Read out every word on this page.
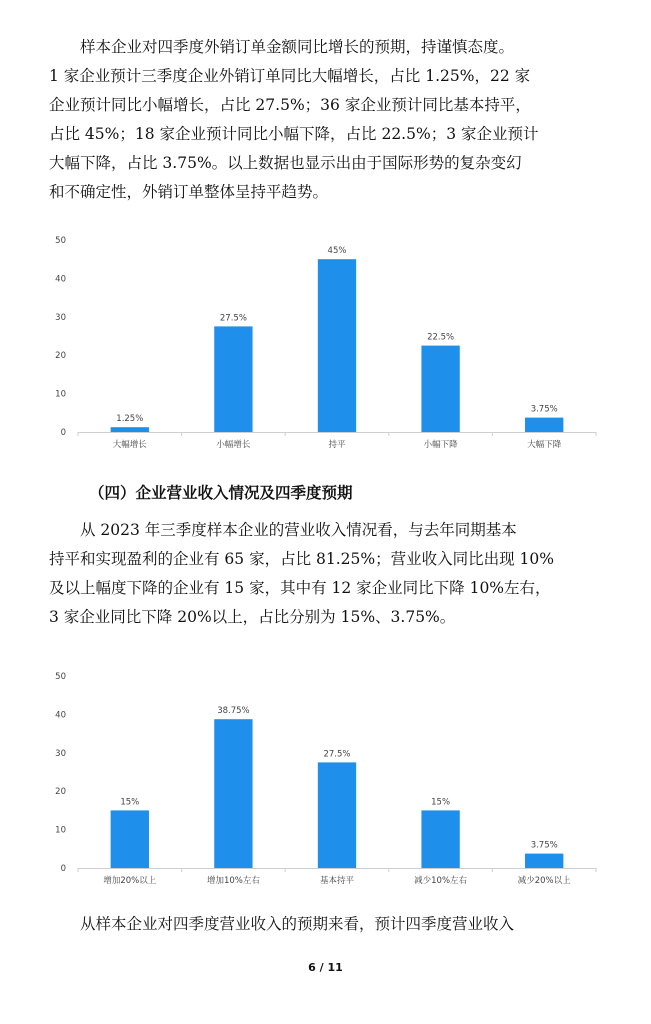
样本企业对四季度外销订单金额同比增长的预期，持谨慎态度。
1 家企业预计三季度企业外销订单同比大幅增长，占比 1.25%，22 家
企业预计同比小幅增长，占比 27.5%；36 家企业预计同比基本持平，
占比 45%；18 家企业预计同比小幅下降，占比 22.5%；3 家企业预计
大幅下降，占比 3.75%。以上数据也显示出由于国际形势的复杂变幻
和不确定性，外销订单整体呈持平趋势。
0
10
20
30
40
50
1.25%
大幅增长
27.5%
小幅增长
45%
持平
22.5%
小幅下降
3.75%
大幅下降
（四）企业营业收入情况及四季度预期
从 2023 年三季度样本企业的营业收入情况看，与去年同期基本
持平和实现盈利的企业有 65 家，占比 81.25%；营业收入同比出现 10%
及以上幅度下降的企业有 15 家，其中有 12 家企业同比下降 10%左右，
3 家企业同比下降 20%以上，占比分别为 15%、3.75%。
0
10
20
30
40
50
15%
增加20%以上
38.75%
增加10%左右
27.5%
基本持平
15%
减少10%左右
3.75%
减少20%以上
从样本企业对四季度营业收入的预期来看，预计四季度营业收入
6 / 11
